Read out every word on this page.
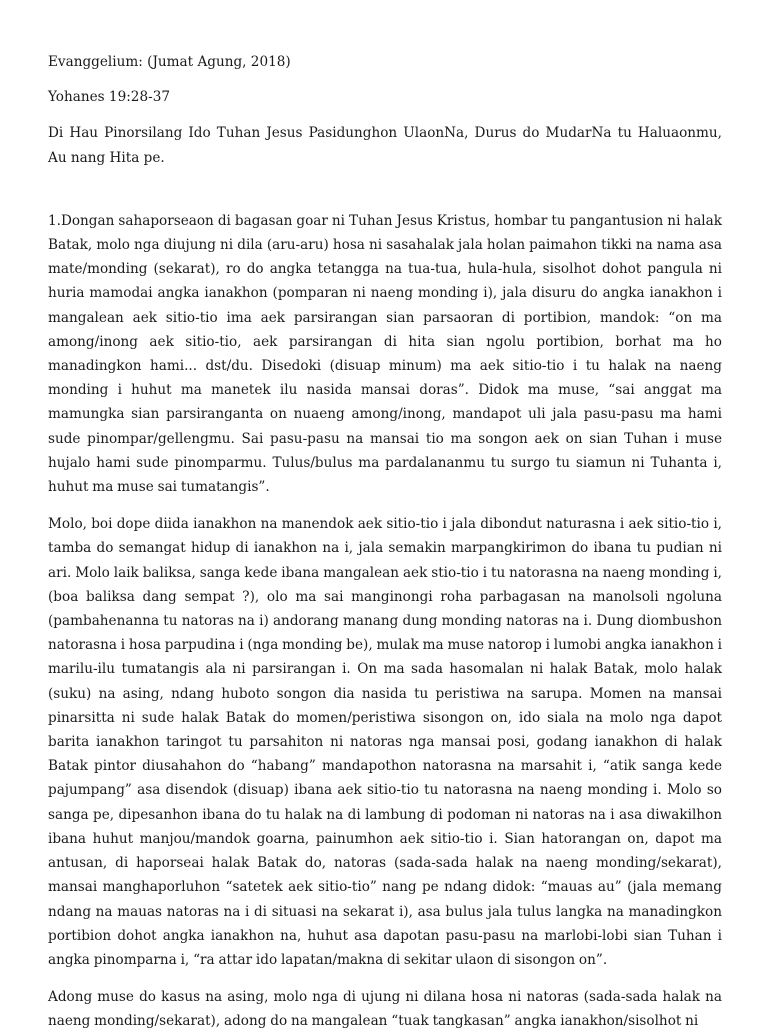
Evanggelium: (Jumat Agung, 2018)

Yohanes 19:28-37

Di Hau Pinorsilang Ido Tuhan Jesus Pasidunghon UlaonNa, Durus do MudarNa tu Haluaonmu, Au nang Hita pe.

1.Dongan sahaporseaon di bagasan goar ni Tuhan Jesus Kristus, hombar tu pangantusion ni halak Batak, molo nga diujung ni dila (aru-aru) hosa ni sasahalak jala holan paimahon tikki na nama asa mate/monding (sekarat), ro do angka tetangga na tua-tua, hula-hula, sisolhot dohot pangula ni huria mamodai angka ianakhon (pomparan ni naeng monding i), jala disuru do angka ianakhon i mangalean aek sitio-tio ima aek parsirangan sian parsaoran di portibion, mandok: “on ma among/inong aek sitio-tio, aek parsirangan di hita sian ngolu portibion, borhat ma ho manadingkon hami... dst/du. Disedoki (disuap minum) ma aek sitio-tio i tu halak na naeng monding i huhut ma manetek ilu nasida mansai doras”. Didok ma muse, “sai anggat ma mamungka sian parsiranganta on nuaeng among/inong, mandapot uli jala pasu-pasu ma hami sude pinompar/gellengmu. Sai pasu-pasu na mansai tio ma songon aek on sian Tuhan i muse hujalo hami sude pinomparmu. Tulus/bulus ma pardalananmu tu surgo tu siamun ni Tuhanta i, huhut ma muse sai tumatangis”.

Molo, boi dope diida ianakhon na manendok aek sitio-tio i jala dibondut naturasna i aek sitio-tio i, tamba do semangat hidup di ianakhon na i, jala semakin marpangkirimon do ibana tu pudian ni ari. Molo laik baliksa, sanga kede ibana mangalean aek stio-tio i tu natorasna na naeng monding i, (boa baliksa dang sempat ?), olo ma sai manginongi roha parbagasan na manolsoli ngoluna (pambahenanna tu natoras na i) andorang manang dung monding natoras na i. Dung diombushon natorasna i hosa parpudina i (nga monding be), mulak ma muse natorop i lumobi angka ianakhon i marilu-ilu tumatangis ala ni parsirangan i. On ma sada hasomalan ni halak Batak, molo halak (suku) na asing, ndang huboto songon dia nasida tu peristiwa na sarupa. Momen na mansai pinarsitta ni sude halak Batak do momen/peristiwa sisongon on, ido siala na molo nga dapot barita ianakhon taringot tu parsahiton ni natoras nga mansai posi, godang ianakhon di halak Batak pintor diusahahon do “habang” mandapothon natorasna na marsahit i, “atik sanga kede pajumpang” asa disendok (disuap) ibana aek sitio-tio tu natorasna na naeng monding i. Molo so sanga pe, dipesanhon ibana do tu halak na di lambung di podoman ni natoras na i asa diwakilhon ibana huhut manjou/mandok goarna, painumhon aek sitio-tio i. Sian hatorangan on, dapot ma antusan, di haporseai halak Batak do, natoras (sada-sada halak na naeng monding/sekarat), mansai manghaporluhon “satetek aek sitio-tio” nang pe ndang didok: “mauas au” (jala memang ndang na mauas natoras na i di situasi na sekarat i), asa bulus jala tulus langka na manadingkon portibion dohot angka ianakhon na, huhut asa dapotan pasu-pasu na marlobi-lobi sian Tuhan i angka pinomparna i, “ra attar ido lapatan/makna di sekitar ulaon di sisongon on”.

Adong muse do kasus na asing, molo nga di ujung ni dilana hosa ni natoras (sada-sada halak na naeng monding/sekarat), adong do na mangalean “tuak tangkasan” angka ianakhon/sisolhot ni
